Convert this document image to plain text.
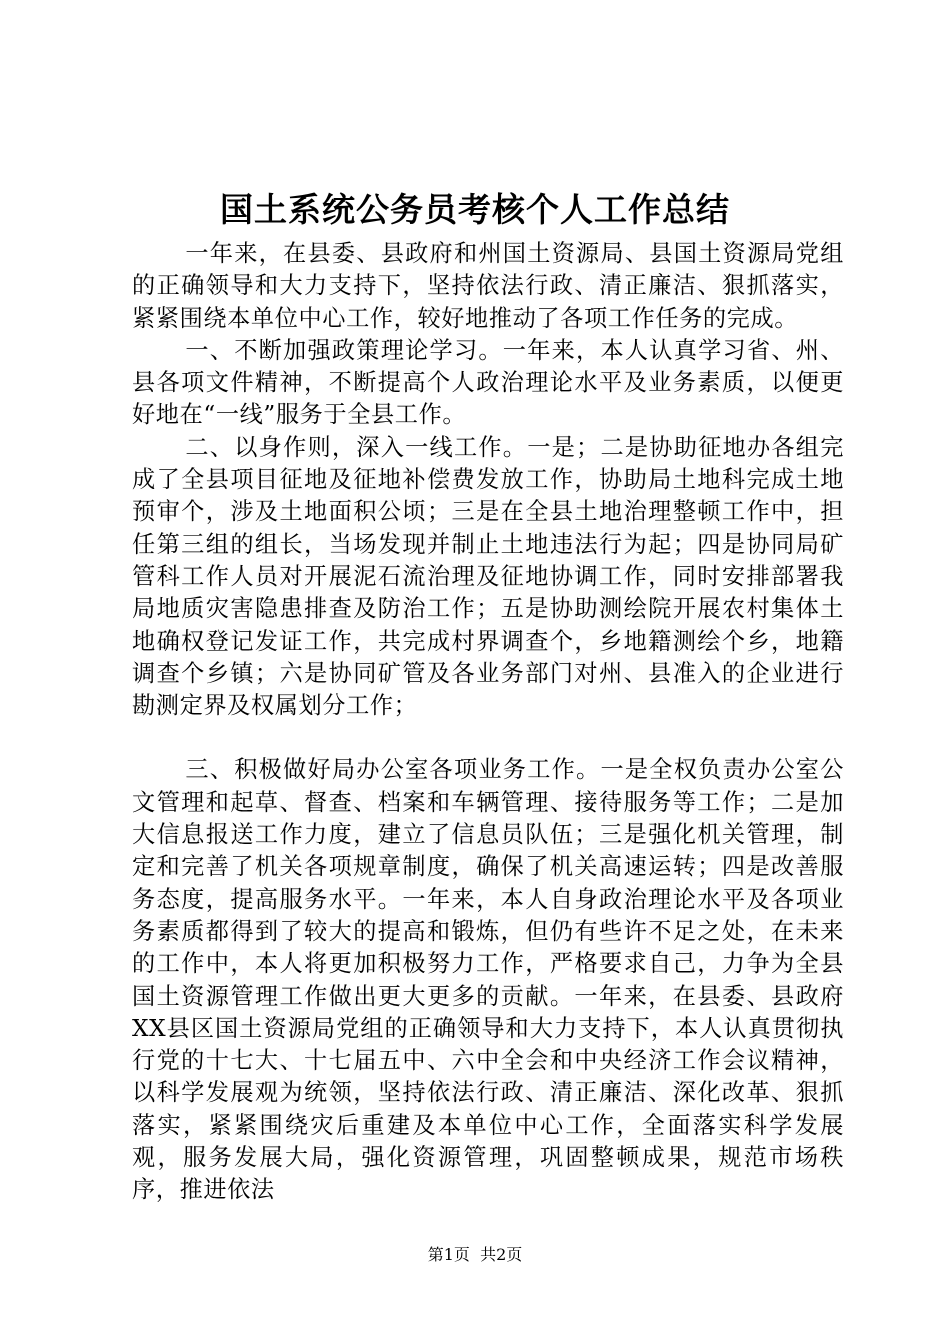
国土系统公务员考核个人工作总结

一年来，在县委、县政府和州国土资源局、县国土资源局党组的正确领导和大力支持下，坚持依法行政、清正廉洁、狠抓落实，紧紧围绕本单位中心工作，较好地推动了各项工作任务的完成。

一、不断加强政策理论学习。一年来，本人认真学习省、州、县各项文件精神，不断提高个人政治理论水平及业务素质，以便更好地在“一线”服务于全县工作。

二、以身作则，深入一线工作。一是；二是协助征地办各组完成了全县项目征地及征地补偿费发放工作，协助局土地科完成土地预审个，涉及土地面积公顷；三是在全县土地治理整顿工作中，担任第三组的组长，当场发现并制止土地违法行为起；四是协同局矿管科工作人员对开展泥石流治理及征地协调工作，同时安排部署我局地质灾害隐患排查及防治工作；五是协助测绘院开展农村集体土地确权登记发证工作，共完成村界调查个，乡地籍测绘个乡，地籍调查个乡镇；六是协同矿管及各业务部门对州、县准入的企业进行勘测定界及权属划分工作；

三、积极做好局办公室各项业务工作。一是全权负责办公室公文管理和起草、督查、档案和车辆管理、接待服务等工作；二是加大信息报送工作力度，建立了信息员队伍；三是强化机关管理，制定和完善了机关各项规章制度，确保了机关高速运转；四是改善服务态度，提高服务水平。一年来，本人自身政治理论水平及各项业务素质都得到了较大的提高和锻炼，但仍有些许不足之处，在未来的工作中，本人将更加积极努力工作，严格要求自己，力争为全县国土资源管理工作做出更大更多的贡献。一年来，在县委、县政府XX县区国土资源局党组的正确领导和大力支持下，本人认真贯彻执行党的十七大、十七届五中、六中全会和中央经济工作会议精神，以科学发展观为统领，坚持依法行政、清正廉洁、深化改革、狠抓落实，紧紧围绕灾后重建及本单位中心工作，全面落实科学发展观，服务发展大局，强化资源管理，巩固整顿成果，规范市场秩序，推进依法

第1页 共2页
